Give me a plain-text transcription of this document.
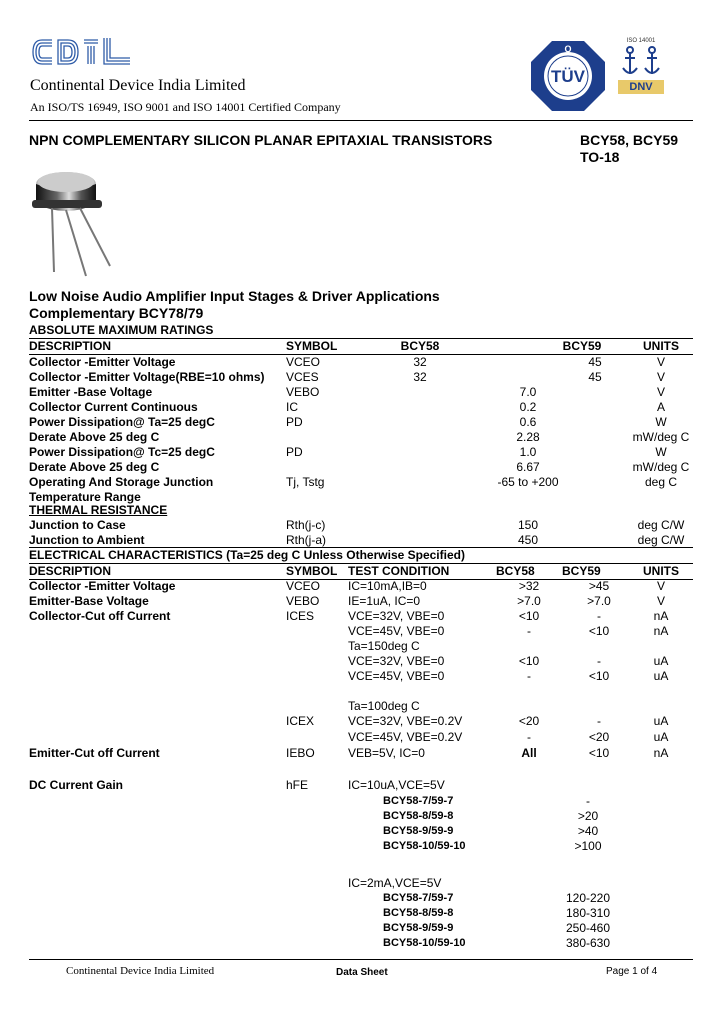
Continental Device India Limited
An ISO/TS 16949, ISO 9001 and ISO 14001 Certified Company
TÜV
Q
ISO 14001
DNV
NPN COMPLEMENTARY SILICON PLANAR EPITAXIAL TRANSISTORS	BCY58, BCY59
TO-18
Low Noise Audio Amplifier Input Stages & Driver Applications
Complementary BCY78/79
ABSOLUTE MAXIMUM RATINGS
DESCRIPTION	SYMBOL	BCY58	BCY59	UNITS
Collector -Emitter Voltage	VCEO	32	45	V
Collector -Emitter Voltage(RBE=10 ohms) VCES	32	45	V
Emitter -Base Voltage	VEBO	7.0	V
Collector Current Continuous	IC	0.2	A
Power Dissipation@ Ta=25 degC	PD	0.6	W
Derate Above 25 deg C	2.28	mW/deg C
Power Dissipation@ Tc=25 degC	PD	1.0	W
Derate Above 25 deg C	6.67	mW/deg C
Operating And Storage Junction	Tj, Tstg	-65 to +200	deg C
Temperature Range
THERMAL RESISTANCE
Junction to Case	Rth(j-c)	150	deg C/W
Junction to Ambient	Rth(j-a)	450	deg C/W
ELECTRICAL CHARACTERISTICS (Ta=25 deg C Unless Otherwise Specified)
DESCRIPTION	SYMBOL TEST CONDITION	BCY58 BCY59	UNITS
Collector -Emitter Voltage	VCEO IC=10mA,IB=0	>32	>45	V
Emitter-Base Voltage	VEBO IE=1uA, IC=0	>7.0	>7.0	V
Collector-Cut off Current	ICES	VCE=32V, VBE=0	<10	-	nA
VCE=45V, VBE=0	-	<10	nA
Ta=150deg C
VCE=32V, VBE=0	<10	-	uA
VCE=45V, VBE=0	-	<10	uA
Ta=100deg C
ICEX	VCE=32V, VBE=0.2V	<20	-	uA
VCE=45V, VBE=0.2V	-	<20	uA
Emitter-Cut off Current	IEBO	VEB=5V, IC=0	All	<10	nA
DC Current Gain	hFE	IC=10uA,VCE=5V
BCY58-7/59-7	-
BCY58-8/59-8	>20
BCY58-9/59-9	>40
BCY58-10/59-10	>100
IC=2mA,VCE=5V
BCY58-7/59-7	120-220
BCY58-8/59-8	180-310
BCY58-9/59-9	250-460
BCY58-10/59-10	380-630
Continental Device India Limited	Data Sheet	Page 1 of 4
